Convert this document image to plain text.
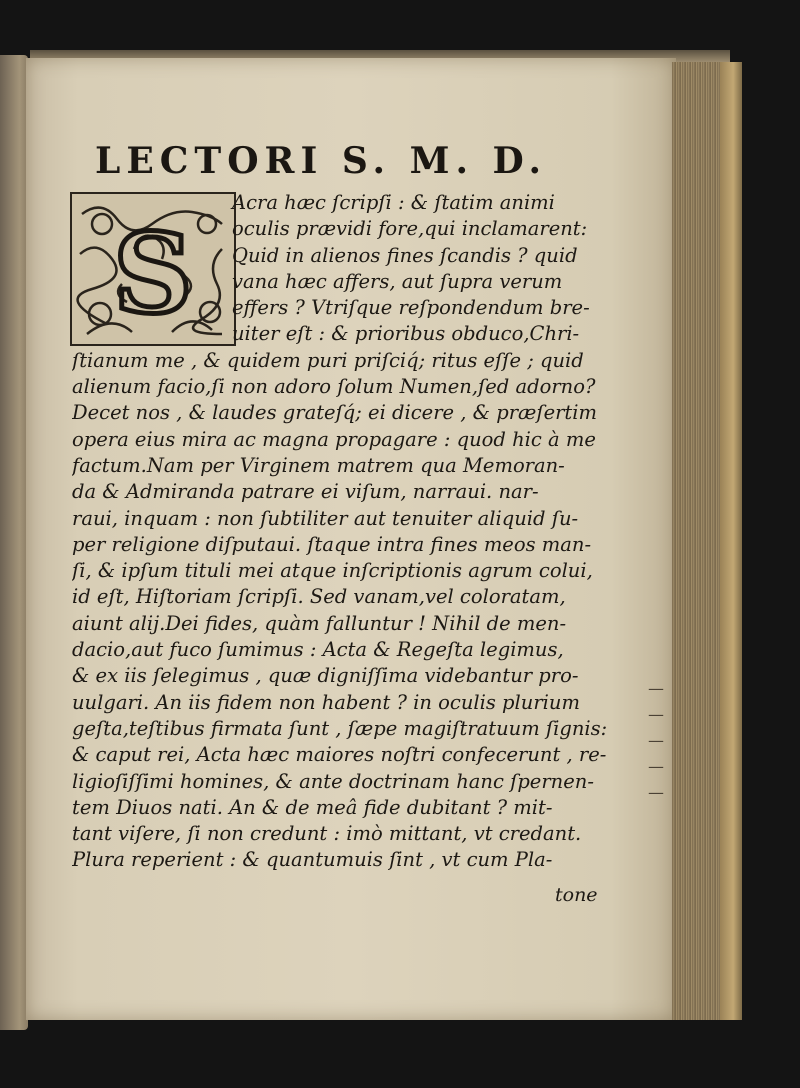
LECTORI S. M. D.
S
Acra hæc ſcripſi : & ſtatim animi
oculis prævidi fore,qui inclamarent:
Quid in alienos fines ſcandis ? quid
vana hæc affers, aut ſupra verum
effers ? Vtriſque reſpondendum bre-
uiter eſt : & prioribus obduco,Chri-
ſtianum me , & quidem puri priſciq́; ritus eſſe ; quid
alienum facio,ſi non adoro ſolum Numen,ſed adorno?
Decet nos , & laudes grateſq́; ei dicere , & præſertim
opera eius mira ac magna propagare : quod hic à me
factum.Nam per Virginem matrem qua Memoran-
da & Admiranda patrare ei viſum, narraui. nar-
raui, inquam : non ſubtiliter aut tenuiter aliquid ſu-
per religione diſputaui. ſtaque intra fines meos man-
ſi, & ipſum tituli mei atque inſcriptionis agrum colui,
id eſt, Hiſtoriam ſcripſi. Sed vanam,vel coloratam,
aiunt alij.Dei fides, quàm falluntur ! Nihil de men-
dacio,aut fuco ſumimus : Acta & Regeſta legimus,
& ex iis ſelegimus , quæ digniſſima videbantur pro-
uulgari. An iis fidem non habent ? in oculis plurium
geſta,teſtibus firmata ſunt , ſæpe magiſtratuum ſignis:
& caput rei, Acta hæc maiores noſtri confecerunt , re-
ligioſiſſimi homines, & ante doctrinam hanc ſpernen-
tem Diuos nati. An & de meâ fide dubitant ? mit-
tant viſere, ſi non credunt : imò mittant, vt credant.
Plura reperient : & quantumuis ſint , vt cum Pla-
—
—
—
—
—
tone
